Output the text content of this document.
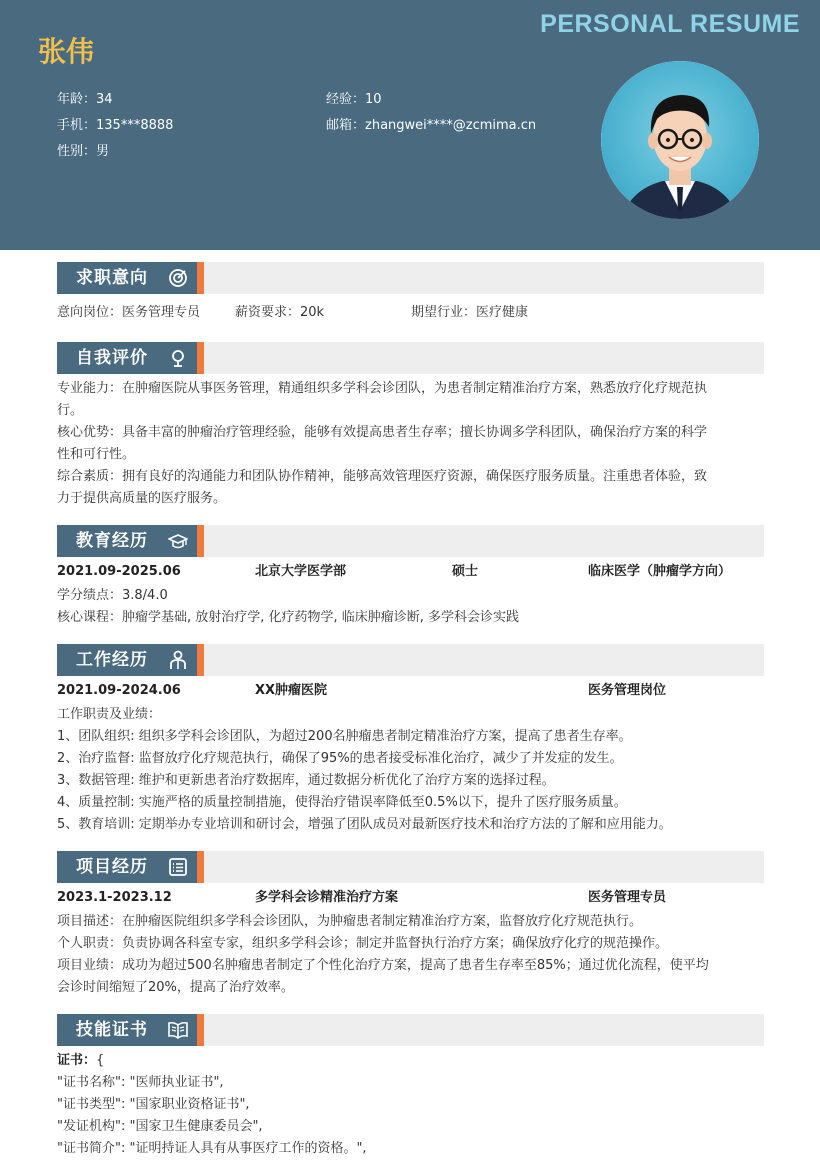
PERSONAL RESUME
张伟
年龄：34	经验：10
手机：135***8888	邮箱：zhangwei****@zcmima.cn
性别：男
求职意向
意向岗位：医务管理专员	薪资要求：20k	期望行业：医疗健康
自我评价
专业能力：在肿瘤医院从事医务管理，精通组织多学科会诊团队，为患者制定精准治疗方案，熟悉放疗化疗规范执
行。
核心优势：具备丰富的肿瘤治疗管理经验，能够有效提高患者生存率；擅长协调多学科团队，确保治疗方案的科学
性和可行性。
综合素质：拥有良好的沟通能力和团队协作精神，能够高效管理医疗资源，确保医疗服务质量。注重患者体验，致
力于提供高质量的医疗服务。
教育经历
2021.09-2025.06	北京大学医学部	硕士	临床医学（肿瘤学方向）
学分绩点：3.8/4.0
核心课程：肿瘤学基础, 放射治疗学, 化疗药物学, 临床肿瘤诊断, 多学科会诊实践
工作经历
2021.09-2024.06	XX肿瘤医院	医务管理岗位
工作职责及业绩：
1、团队组织: 组织多学科会诊团队，为超过200名肿瘤患者制定精准治疗方案，提高了患者生存率。
2、治疗监督: 监督放疗化疗规范执行，确保了95%的患者接受标准化治疗，减少了并发症的发生。
3、数据管理: 维护和更新患者治疗数据库，通过数据分析优化了治疗方案的选择过程。
4、质量控制: 实施严格的质量控制措施，使得治疗错误率降低至0.5%以下，提升了医疗服务质量。
5、教育培训: 定期举办专业培训和研讨会，增强了团队成员对最新医疗技术和治疗方法的了解和应用能力。
项目经历
2023.1-2023.12	多学科会诊精准治疗方案	医务管理专员
项目描述：在肿瘤医院组织多学科会诊团队，为肿瘤患者制定精准治疗方案，监督放疗化疗规范执行。
个人职责：负责协调各科室专家，组织多学科会诊；制定并监督执行治疗方案；确保放疗化疗的规范操作。
项目业绩：成功为超过500名肿瘤患者制定了个性化治疗方案，提高了患者生存率至85%；通过优化流程，使平均
会诊时间缩短了20%，提高了治疗效率。
技能证书
证书：{
"证书名称": "医师执业证书",
"证书类型": "国家职业资格证书",
"发证机构": "国家卫生健康委员会",
"证书简介": "证明持证人具有从事医疗工作的资格。",
